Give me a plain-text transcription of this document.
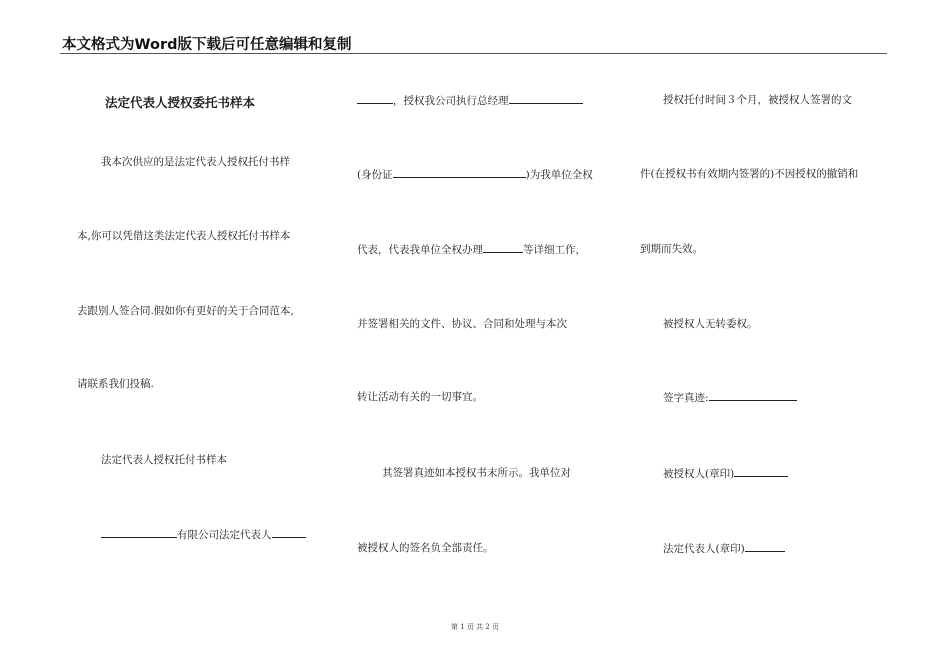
本文格式为Word版下载后可任意编辑和复制
法定代表人授权委托书样本
我本次供应的是法定代表人授权托付书样
本,你可以凭借这类法定代表人授权托付书样本
去跟别人签合同.假如你有更好的关于合同范本,
请联系我们投稿.
法定代表人授权托付书样本
有限公司法定代表人
，授权我公司执行总经理
(身份证	)为我单位全权
代表，代表我单位全权办理	等详细工作，
并签署相关的文件、协议、合同和处理与本次
转让活动有关的一切事宜。
其签署真迹如本授权书末所示。我单位对
被授权人的签名负全部责任。
授权托付时间３个月，被授权人签署的文
件(在授权书有效期内签署的)不因授权的撤销和
到期而失效。
被授权人无转委权。
签字真迹:
被授权人(章印)
法定代表人(章印)
第 1 页 共 2 页
